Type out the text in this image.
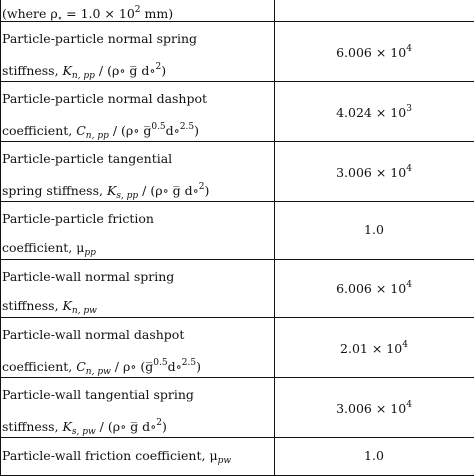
(where $\rho_\circ = 1.0 \times 10^2$ mm)
Particle-particle normal spring
stiffness, $K_{n, pp}$ / (ρ∘ g̅ d∘$^2$)
$6.006 \times 10^4$
Particle-particle normal dashpot
coefficient, $C_{n, pp}$ / (ρ∘ g̅$^{0.5}$d∘$^{2.5}$)
$4.024 \times 10^3$
Particle-particle tangential
spring stiffness, $K_{s, pp}$ / (ρ∘ g̅ d∘$^2$)
$3.006 \times 10^4$
Particle-particle friction
coefficient, $\mu_{pp}$
1.0
Particle-wall normal spring
stiffness, $K_{n, pw}$
$6.006 \times 10^4$
Particle-wall normal dashpot
coefficient, $C_{n, pw}$ / ρ∘ (g̅$^{0.5}$d∘$^{2.5}$)
$2.01 \times 10^4$
Particle-wall tangential spring
stiffness, $K_{s, pw}$ / (ρ∘ g̅ d∘$^2$)
$3.006 \times 10^4$
Particle-wall friction coefficient, $\mu_{pw}$	1.0
